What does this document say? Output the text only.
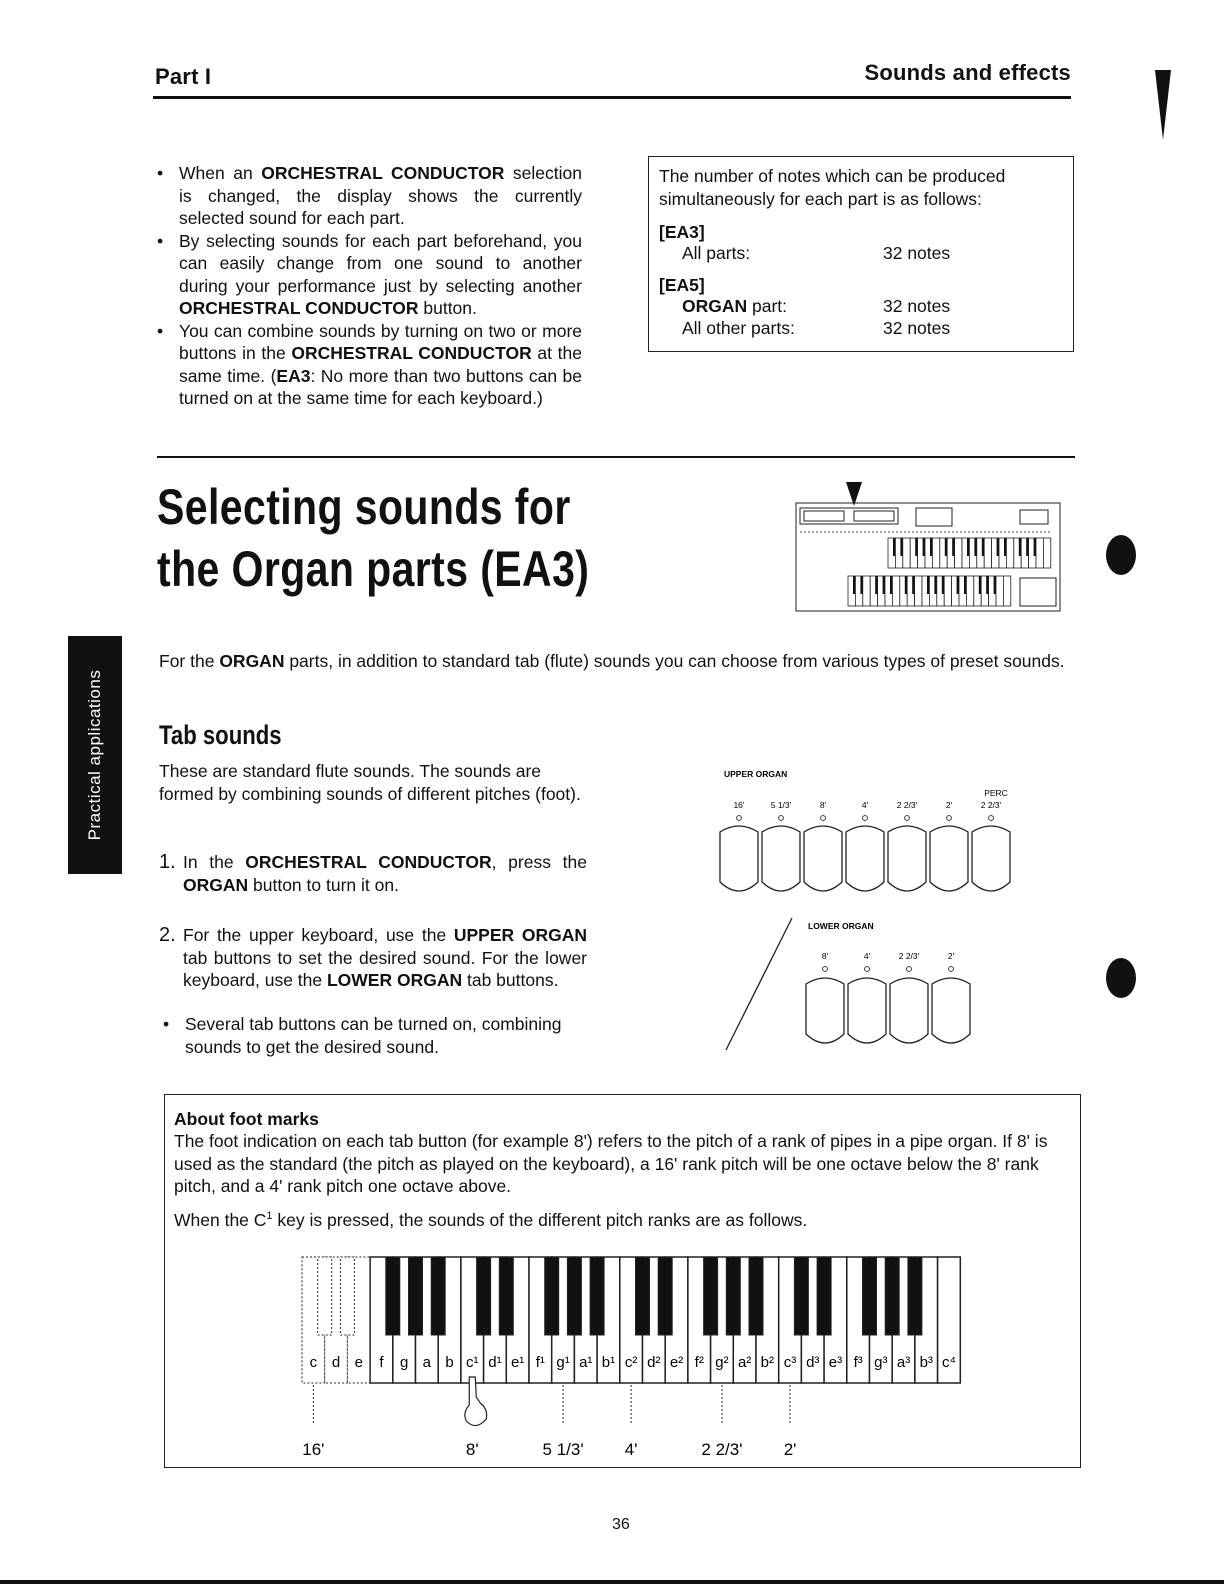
Part I	Sounds and effects
• When an ORCHESTRAL CONDUCTOR selection is changed, the display shows the currently selected sound for each part.
• By selecting sounds for each part beforehand, you can easily change from one sound to another during your performance just by selecting another ORCHESTRAL CONDUCTOR button.
• You can combine sounds by turning on two or more buttons in the ORCHESTRAL CONDUCTOR at the same time. (EA3: No more than two buttons can be turned on at the same time for each keyboard.)
The number of notes which can be produced simultaneously for each part is as follows:
[EA3]
All parts:	32 notes
[EA5]
ORGAN part:	32 notes
All other parts:	32 notes
Selecting sounds for
the Organ parts (EA3)
Practical applications
For the ORGAN parts, in addition to standard tab (flute) sounds you can choose from various types of preset sounds.
Tab sounds
These are standard flute sounds. The sounds are formed by combining sounds of different pitches (foot).
1. In the ORCHESTRAL CONDUCTOR, press the ORGAN button to turn it on.
2. For the upper keyboard, use the UPPER ORGAN tab buttons to set the desired sound. For the lower keyboard, use the LOWER ORGAN tab buttons.
• Several tab buttons can be turned on, combining sounds to get the desired sound.
UPPER ORGAN
PERC
16'	5 1/3'	8'	4'	2 2/3'	2'	2 2/3'
LOWER ORGAN
8'	4'	2 2/3'	2'
About foot marks
The foot indication on each tab button (for example 8') refers to the pitch of a rank of pipes in a pipe organ. If 8' is used as the standard (the pitch as played on the keyboard), a 16' rank pitch will be one octave below the 8' rank pitch, and a 4' rank pitch one octave above.
When the $C^1$ key is pressed, the sounds of the different pitch ranks are as follows.
c d e f g a b c¹ d¹ e¹ f¹ g¹ a¹ b¹ c² d² e² f² g² a² b² c³ d³ e³ f³ g³ a³ b³ c⁴
16'	8'	5 1/3' 4'	2 2/3' 2'
36
